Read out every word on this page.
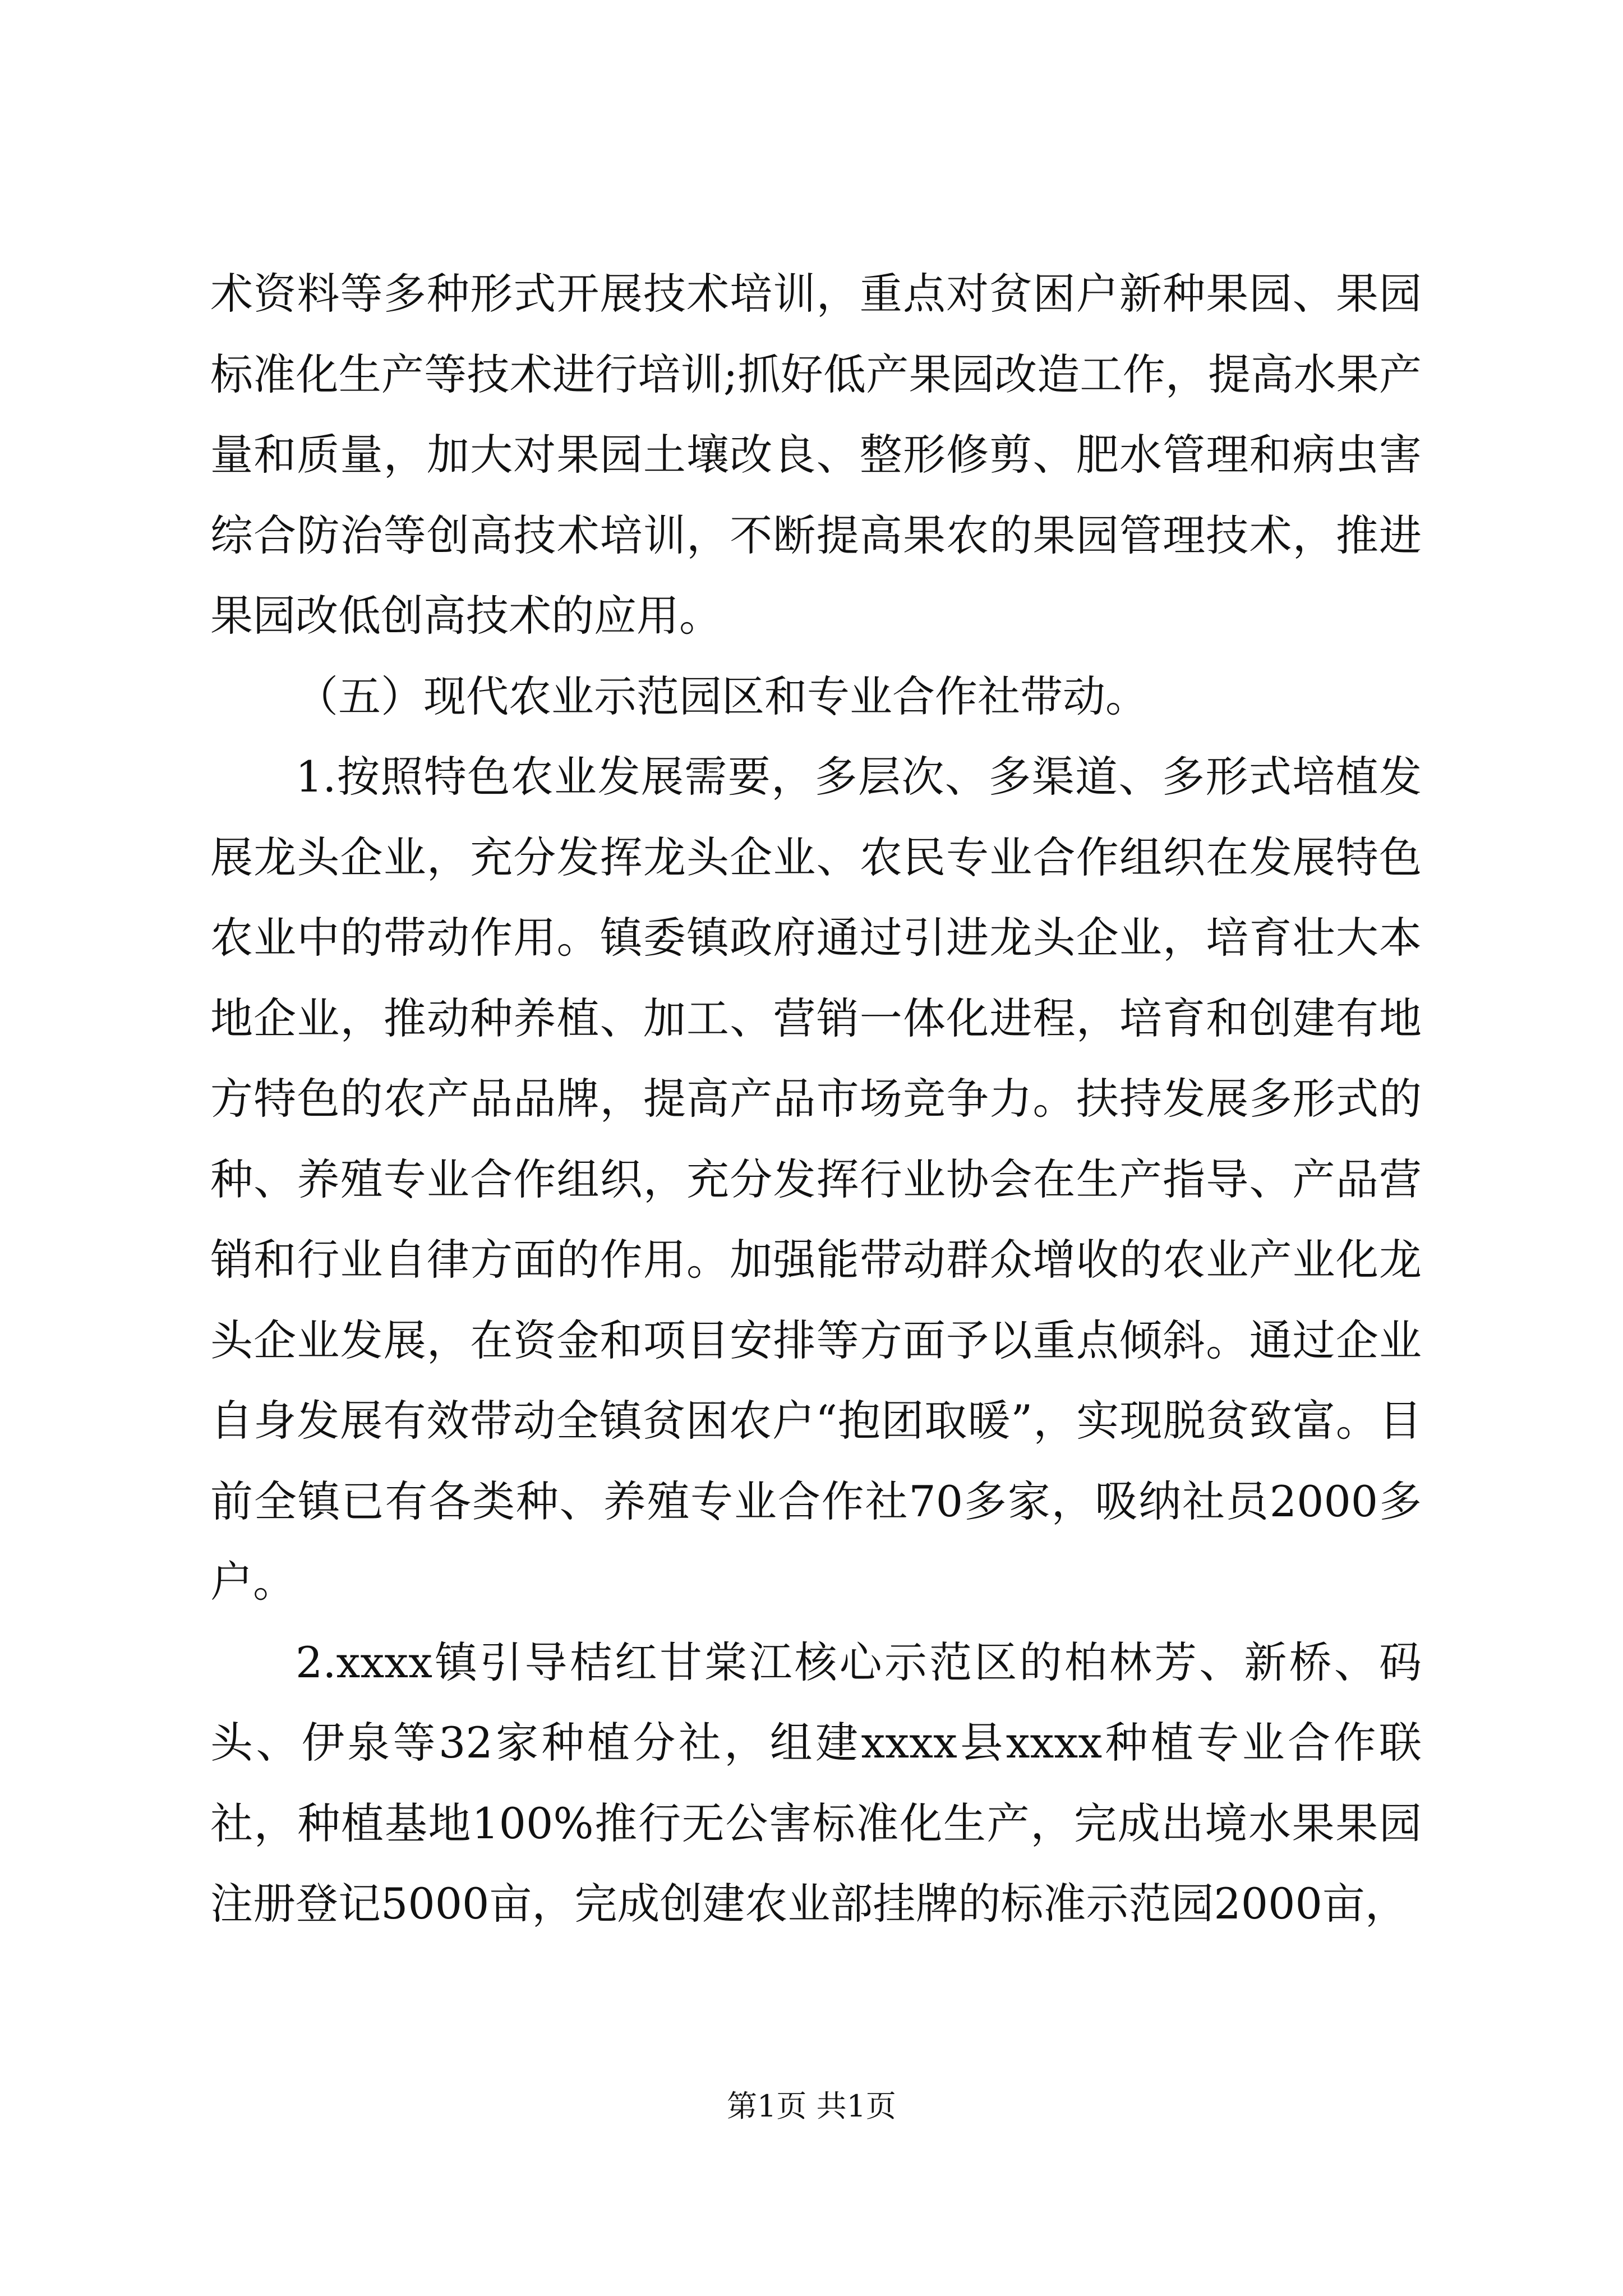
术资料等多种形式开展技术培训，重点对贫困户新种果园、果园标准化生产等技术进行培训;抓好低产果园改造工作，提高水果产量和质量，加大对果园土壤改良、整形修剪、肥水管理和病虫害综合防治等创高技术培训，不断提高果农的果园管理技术，推进果园改低创高技术的应用。

（五）现代农业示范园区和专业合作社带动。

1.按照特色农业发展需要，多层次、多渠道、多形式培植发展龙头企业，充分发挥龙头企业、农民专业合作组织在发展特色农业中的带动作用。镇委镇政府通过引进龙头企业，培育壮大本地企业，推动种养植、加工、营销一体化进程，培育和创建有地方特色的农产品品牌，提高产品市场竞争力。扶持发展多形式的种、养殖专业合作组织，充分发挥行业协会在生产指导、产品营销和行业自律方面的作用。加强能带动群众增收的农业产业化龙头企业发展，在资金和项目安排等方面予以重点倾斜。通过企业自身发展有效带动全镇贫困农户“抱团取暖”，实现脱贫致富。目前全镇已有各类种、养殖专业合作社70多家，吸纳社员2000多户。

2.xxxx镇引导桔红甘棠江核心示范区的柏林芳、新桥、码头、伊泉等32家种植分社，组建xxxx县xxxx种植专业合作联社，种植基地100%推行无公害标准化生产，完成出境水果果园注册登记5000亩，完成创建农业部挂牌的标准示范园2000亩，

第1页 共1页
